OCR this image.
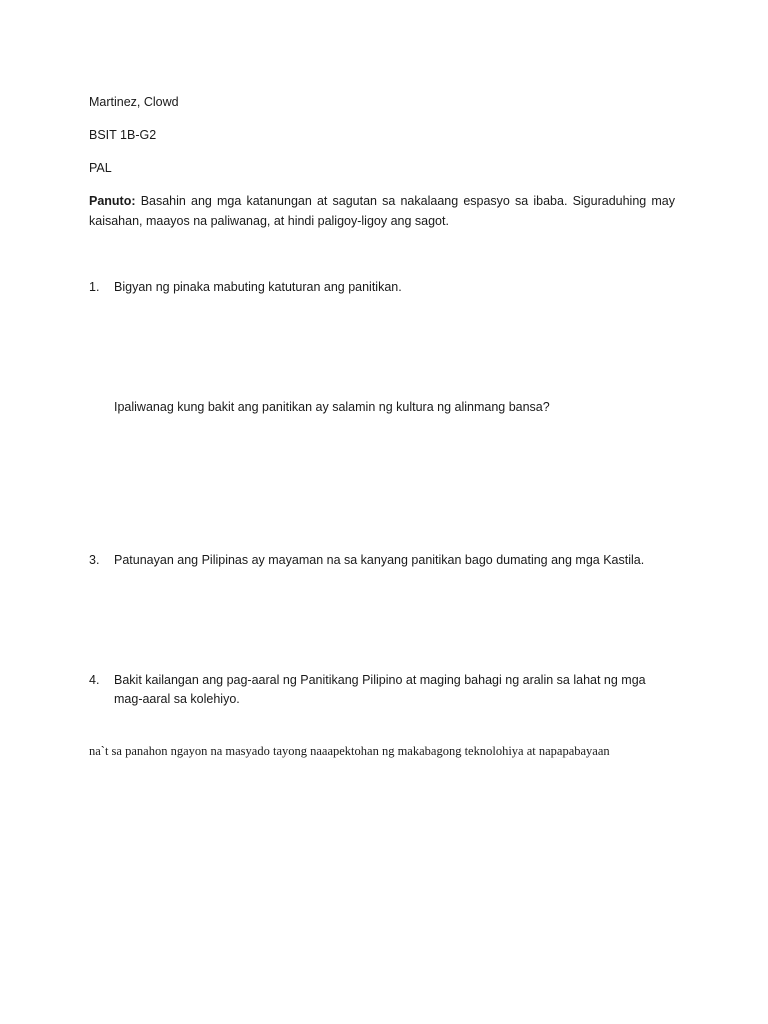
Martinez, Clowd
BSIT 1B-G2
PAL
Panuto: Basahin ang mga katanungan at sagutan sa nakalaang espasyo sa ibaba. Siguraduhing may kaisahan, maayos na paliwanag, at hindi paligoy-ligoy ang sagot.
1. Bigyan ng pinaka mabuting katuturan ang panitikan.
Ipaliwanag kung bakit ang panitikan ay salamin ng kultura ng alinmang bansa?
3. Patunayan ang Pilipinas ay mayaman na sa kanyang panitikan bago dumating ang mga Kastila.
4. Bakit kailangan ang pag-aaral ng Panitikang Pilipino at maging bahagi ng aralin sa lahat ng mga mag-aaral sa kolehiyo.
na`t sa panahon ngayon na masyado tayong naaapektohan ng makabagong teknolohiya at napapabayaan
